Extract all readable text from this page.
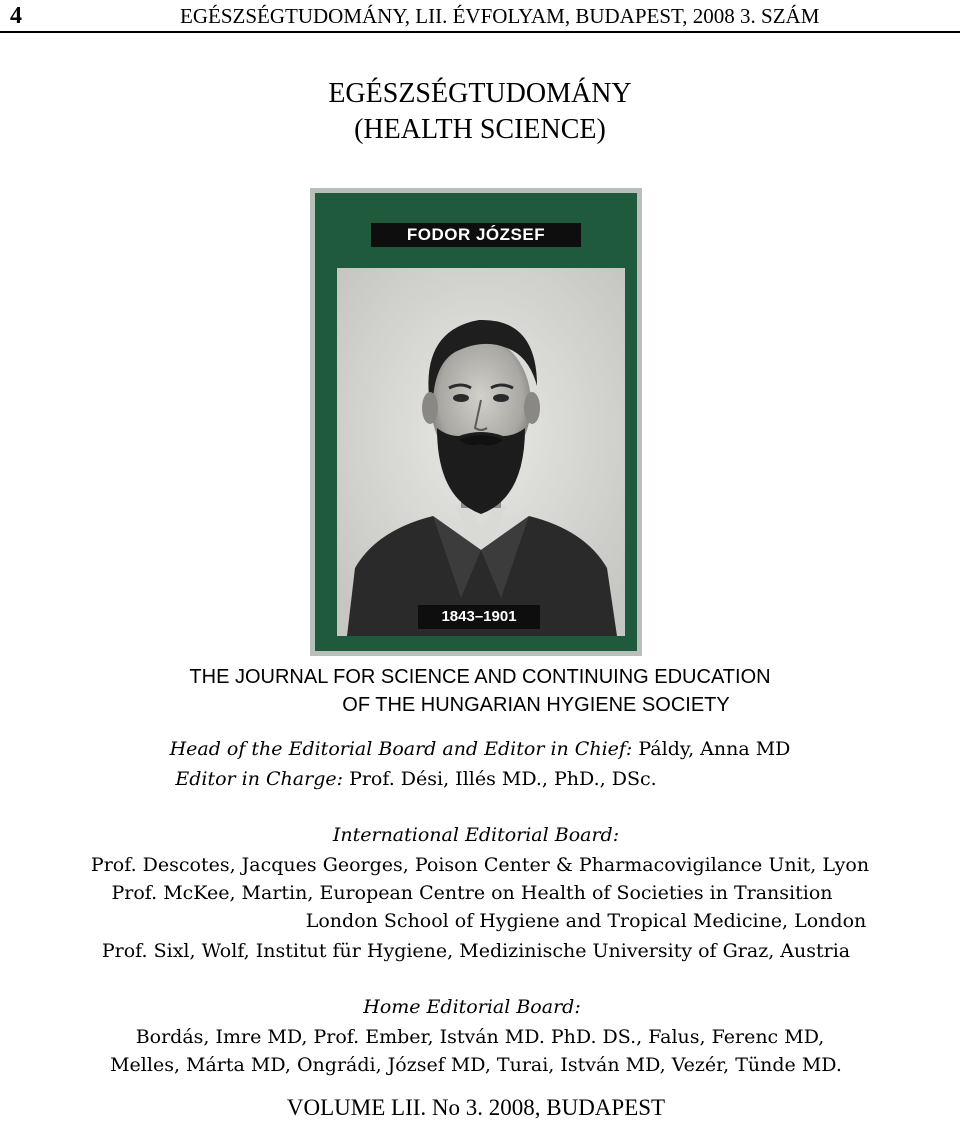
4	EGÉSZSÉGTUDOMÁNY, LII. ÉVFOLYAM, BUDAPEST, 2008 3. SZÁM
EGÉSZSÉGTUDOMÁNY
(HEALTH SCIENCE)
FODOR JÓZSEF
1843–1901
THE JOURNAL FOR SCIENCE AND CONTINUING EDUCATION
OF THE HUNGARIAN HYGIENE SOCIETY
Head of the Editorial Board and Editor in Chief: Páldy, Anna MD
Editor in Charge: Prof. Dési, Illés MD., PhD., DSc.
International Editorial Board:
Prof. Descotes, Jacques Georges, Poison Center & Pharmacovigilance Unit, Lyon
Prof. McKee, Martin, European Centre on Health of Societies in Transition
London School of Hygiene and Tropical Medicine, London
Prof. Sixl, Wolf, Institut für Hygiene, Medizinische University of Graz, Austria
Home Editorial Board:
Bordás, Imre MD, Prof. Ember, István MD. PhD. DS., Falus, Ferenc MD,
Melles, Márta MD, Ongrádi, József MD, Turai, István MD, Vezér, Tünde MD.
VOLUME LII. No 3. 2008, BUDAPEST
